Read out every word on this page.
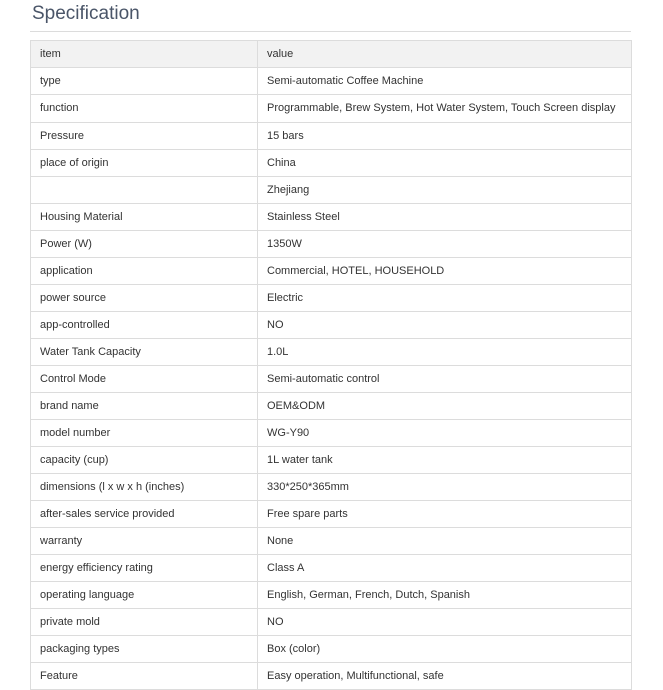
Specification
item	value
type	Semi-automatic Coffee Machine
function	Programmable, Brew System, Hot Water System, Touch Screen display
Pressure	15 bars
place of origin	China
	Zhejiang
Housing Material	Stainless Steel
Power (W)	1350W
application	Commercial, HOTEL, HOUSEHOLD
power source	Electric
app-controlled	NO
Water Tank Capacity	1.0L
Control Mode	Semi-automatic control
brand name	OEM&ODM
model number	WG-Y90
capacity (cup)	1L water tank
dimensions (l x w x h (inches)	330*250*365mm
after-sales service provided	Free spare parts
warranty	None
energy efficiency rating	Class A
operating language	English, German, French, Dutch, Spanish
private mold	NO
packaging types	Box (color)
Feature	Easy operation, Multifunctional, safe
